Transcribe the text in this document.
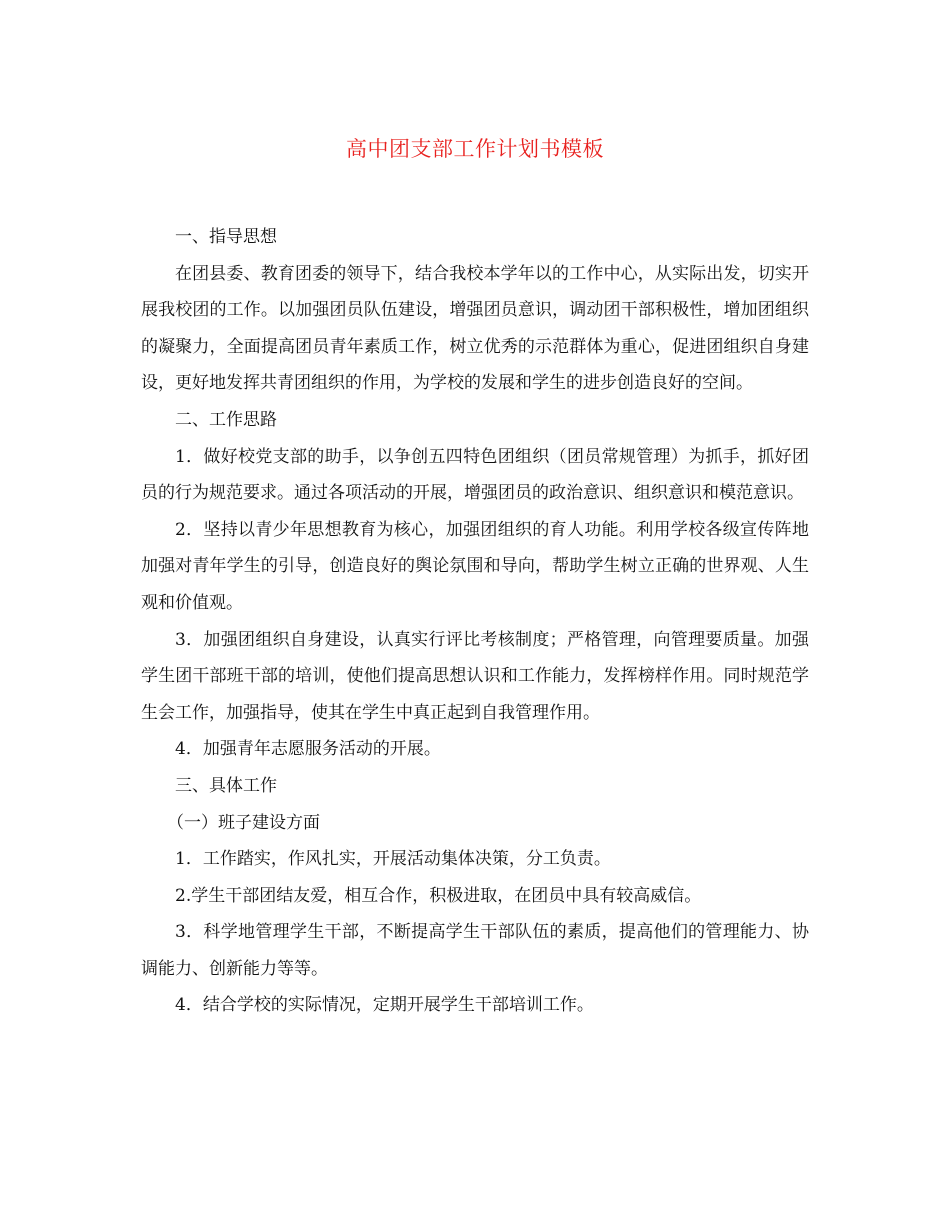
高中团支部工作计划书模板

一、指导思想

在团县委、教育团委的领导下，结合我校本学年以的工作中心，从实际出发，切实开展我校团的工作。以加强团员队伍建设，增强团员意识，调动团干部积极性，增加团组织的凝聚力，全面提高团员青年素质工作，树立优秀的示范群体为重心，促进团组织自身建设，更好地发挥共青团组织的作用，为学校的发展和学生的进步创造良好的空间。

二、工作思路

1．做好校党支部的助手，以争创五四特色团组织（团员常规管理）为抓手，抓好团员的行为规范要求。通过各项活动的开展，增强团员的政治意识、组织意识和模范意识。

2．坚持以青少年思想教育为核心，加强团组织的育人功能。利用学校各级宣传阵地加强对青年学生的引导，创造良好的舆论氛围和导向，帮助学生树立正确的世界观、人生观和价值观。

3．加强团组织自身建设，认真实行评比考核制度；严格管理，向管理要质量。加强学生团干部班干部的培训，使他们提高思想认识和工作能力，发挥榜样作用。同时规范学生会工作，加强指导，使其在学生中真正起到自我管理作用。

4．加强青年志愿服务活动的开展。

三、具体工作

（一）班子建设方面

1．工作踏实，作风扎实，开展活动集体决策，分工负责。

2.学生干部团结友爱，相互合作，积极进取，在团员中具有较高威信。

3．科学地管理学生干部，不断提高学生干部队伍的素质，提高他们的管理能力、协调能力、创新能力等等。

4．结合学校的实际情况，定期开展学生干部培训工作。
